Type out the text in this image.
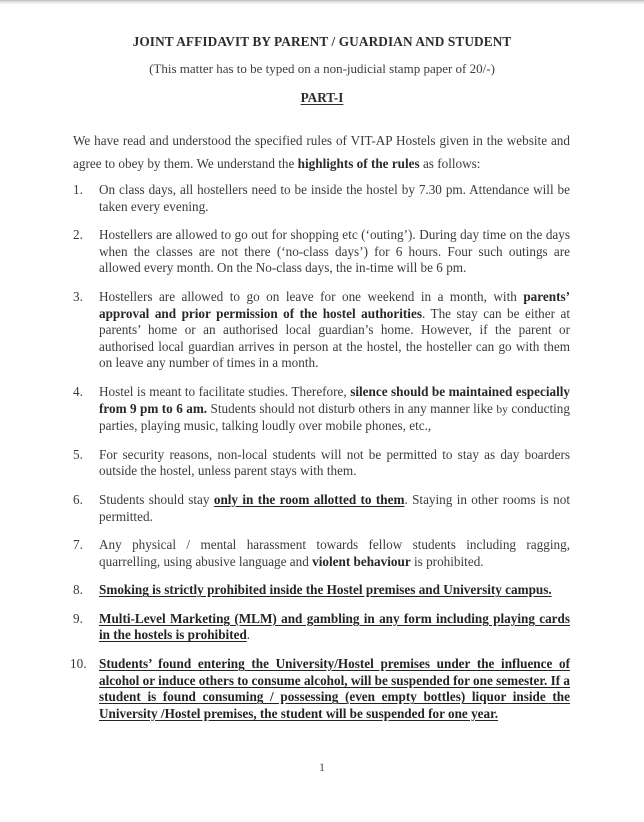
JOINT AFFIDAVIT BY PARENT / GUARDIAN AND STUDENT
(This matter has to be typed on a non-judicial stamp paper of 20/-)
PART-I

We have read and understood the specified rules of VIT-AP Hostels given in the website and agree to obey by them. We understand the highlights of the rules as follows:

1.	On class days, all hostellers need to be inside the hostel by 7.30 pm. Attendance will be taken every evening.
2.	Hostellers are allowed to go out for shopping etc (‘outing’). During day time on the days when the classes are not there (‘no-class days’) for 6 hours. Four such outings are allowed every month. On the No-class days, the in-time will be 6 pm.
3.	Hostellers are allowed to go on leave for one weekend in a month, with parents’ approval and prior permission of the hostel authorities. The stay can be either at parents’ home or an authorised local guardian’s home. However, if the parent or authorised local guardian arrives in person at the hostel, the hosteller can go with them on leave any number of times in a month.
4.	Hostel is meant to facilitate studies. Therefore, silence should be maintained especially from 9 pm to 6 am. Students should not disturb others in any manner like by conducting parties, playing music, talking loudly over mobile phones, etc.,
5.	For security reasons, non-local students will not be permitted to stay as day boarders outside the hostel, unless parent stays with them.
6.	Students should stay only in the room allotted to them. Staying in other rooms is not permitted.
7.	Any physical / mental harassment towards fellow students including ragging, quarrelling, using abusive language and violent behaviour is prohibited.
8.	Smoking is strictly prohibited inside the Hostel premises and University campus.
9.	Multi-Level Marketing (MLM) and gambling in any form including playing cards in the hostels is prohibited.
10. Students’ found entering the University/Hostel premises under the influence of alcohol or induce others to consume alcohol, will be suspended for one semester. If a student is found consuming / possessing (even empty bottles) liquor inside the University /Hostel premises, the student will be suspended for one year.
1
